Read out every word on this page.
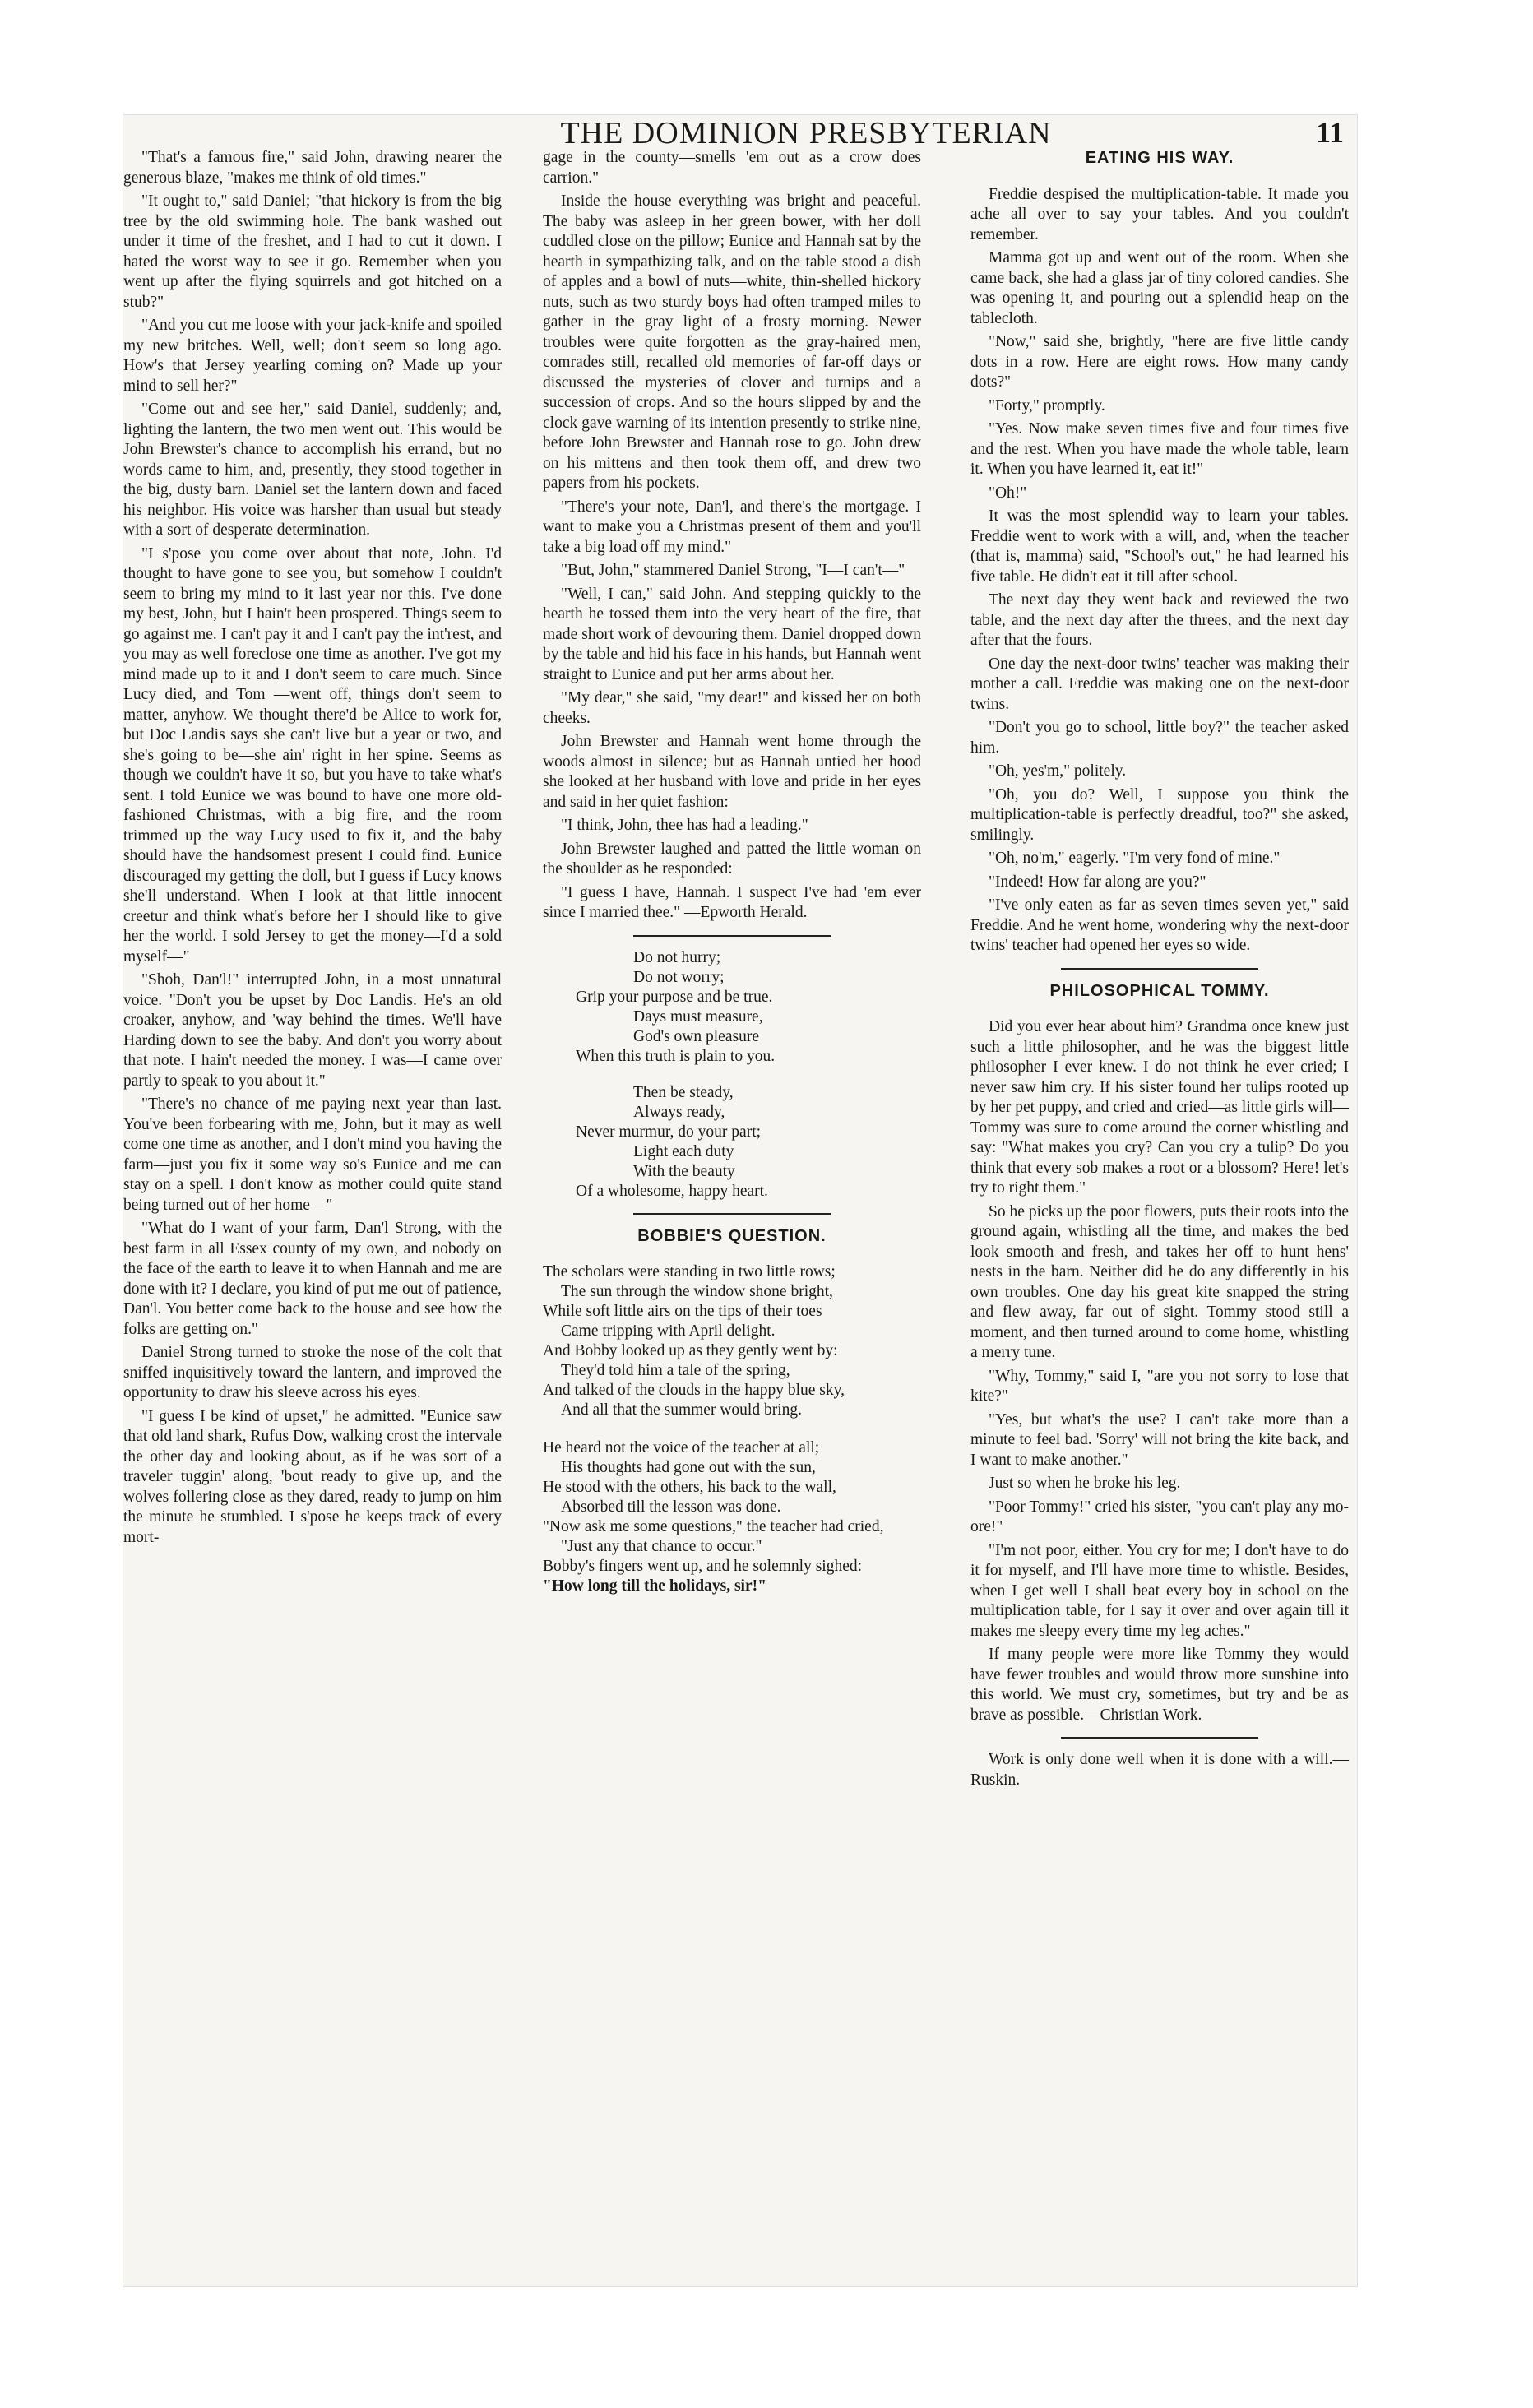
THE DOMINION PRESBYTERIAN	11

"That's a famous fire," said John, drawing nearer the generous blaze, "makes me think of old times."

"It ought to," said Daniel; "that hickory is from the big tree by the old swimming hole. The bank washed out under it time of the freshet, and I had to cut it down. I hated the worst way to see it go. Remember when you went up after the flying squirrels and got hitched on a stub?"

"And you cut me loose with your jack-knife and spoiled my new britches. Well, well; don't seem so long ago. How's that Jersey yearling coming on? Made up your mind to sell her?"

"Come out and see her," said Daniel, suddenly; and, lighting the lantern, the two men went out. This would be John Brewster's chance to accomplish his errand, but no words came to him, and, presently, they stood together in the big, dusty barn. Daniel set the lantern down and faced his neighbor. His voice was harsher than usual but steady with a sort of desperate determination.

"I s'pose you come over about that note, John. I'd thought to have gone to see you, but somehow I couldn't seem to bring my mind to it last year nor this. I've done my best, John, but I hain't been prospered. Things seem to go against me. I can't pay it and I can't pay the int'rest, and you may as well foreclose one time as another. I've got my mind made up to it and I don't seem to care much. Since Lucy died, and Tom —went off, things don't seem to matter, anyhow. We thought there'd be Alice to work for, but Doc Landis says she can't live but a year or two, and she's going to be—she ain' right in her spine. Seems as though we couldn't have it so, but you have to take what's sent. I told Eunice we was bound to have one more old-fashioned Christmas, with a big fire, and the room trimmed up the way Lucy used to fix it, and the baby should have the handsomest present I could find. Eunice discouraged my getting the doll, but I guess if Lucy knows she'll understand. When I look at that little innocent creetur and think what's before her I should like to give her the world. I sold Jersey to get the money—I'd a sold myself—"

"Shoh, Dan'l!" interrupted John, in a most unnatural voice. "Don't you be upset by Doc Landis. He's an old croaker, anyhow, and 'way behind the times. We'll have Harding down to see the baby. And don't you worry about that note. I hain't needed the money. I was—I came over partly to speak to you about it."

"There's no chance of me paying next year than last. You've been forbearing with me, John, but it may as well come one time as another, and I don't mind you having the farm—just you fix it some way so's Eunice and me can stay on a spell. I don't know as mother could quite stand being turned out of her home—"

"What do I want of your farm, Dan'l Strong, with the best farm in all Essex county of my own, and nobody on the face of the earth to leave it to when Hannah and me are done with it? I declare, you kind of put me out of patience, Dan'l. You better come back to the house and see how the folks are getting on."

Daniel Strong turned to stroke the nose of the colt that sniffed inquisitively toward the lantern, and improved the opportunity to draw his sleeve across his eyes.

"I guess I be kind of upset," he admitted. "Eunice saw that old land shark, Rufus Dow, walking crost the intervale the other day and looking about, as if he was sort of a traveler tuggin' along, 'bout ready to give up, and the wolves follering close as they dared, ready to jump on him the minute he stumbled. I s'pose he keeps track of every mort-

gage in the county—smells 'em out as a crow does carrion."

Inside the house everything was bright and peaceful. The baby was asleep in her green bower, with her doll cuddled close on the pillow; Eunice and Hannah sat by the hearth in sympathizing talk, and on the table stood a dish of apples and a bowl of nuts—white, thin-shelled hickory nuts, such as two sturdy boys had often tramped miles to gather in the gray light of a frosty morning. Newer troubles were quite forgotten as the gray-haired men, comrades still, recalled old memories of far-off days or discussed the mysteries of clover and turnips and a succession of crops. And so the hours slipped by and the clock gave warning of its intention presently to strike nine, before John Brewster and Hannah rose to go. John drew on his mittens and then took them off, and drew two papers from his pockets.

"There's your note, Dan'l, and there's the mortgage. I want to make you a Christmas present of them and you'll take a big load off my mind."

"But, John," stammered Daniel Strong, "I—I can't—"

"Well, I can," said John. And stepping quickly to the hearth he tossed them into the very heart of the fire, that made short work of devouring them. Daniel dropped down by the table and hid his face in his hands, but Hannah went straight to Eunice and put her arms about her.

"My dear," she said, "my dear!" and kissed her on both cheeks.

John Brewster and Hannah went home through the woods almost in silence; but as Hannah untied her hood she looked at her husband with love and pride in her eyes and said in her quiet fashion:

"I think, John, thee has had a leading."

John Brewster laughed and patted the little woman on the shoulder as he responded:

"I guess I have, Hannah. I suspect I've had 'em ever since I married thee." —Epworth Herald.

Do not hurry;
Do not worry;
Grip your purpose and be true.
Days must measure,
God's own pleasure
When this truth is plain to you.
Then be steady,
Always ready,
Never murmur, do your part;
Light each duty
With the beauty
Of a wholesome, happy heart.
BOBBIE'S QUESTION.
The scholars were standing in two little rows;
The sun through the window shone bright,
While soft little airs on the tips of their toes
Came tripping with April delight.
And Bobby looked up as they gently went by:
They'd told him a tale of the spring,
And talked of the clouds in the happy blue sky,
And all that the summer would bring.
He heard not the voice of the teacher at all;
His thoughts had gone out with the sun,
He stood with the others, his back to the wall,
Absorbed till the lesson was done.
"Now ask me some questions," the teacher had cried,
"Just any that chance to occur."
Bobby's fingers went up, and he solemnly sighed:
"How long till the holidays, sir!"
EATING HIS WAY.

Freddie despised the multiplication-table. It made you ache all over to say your tables. And you couldn't remember.

Mamma got up and went out of the room. When she came back, she had a glass jar of tiny colored candies. She was opening it, and pouring out a splendid heap on the tablecloth.

"Now," said she, brightly, "here are five little candy dots in a row. Here are eight rows. How many candy dots?"

"Forty," promptly.

"Yes. Now make seven times five and four times five and the rest. When you have made the whole table, learn it. When you have learned it, eat it!"

"Oh!"

It was the most splendid way to learn your tables. Freddie went to work with a will, and, when the teacher (that is, mamma) said, "School's out," he had learned his five table. He didn't eat it till after school.

The next day they went back and reviewed the two table, and the next day after the threes, and the next day after that the fours.

One day the next-door twins' teacher was making their mother a call. Freddie was making one on the next-door twins.

"Don't you go to school, little boy?" the teacher asked him.

"Oh, yes'm," politely.

"Oh, you do? Well, I suppose you think the multiplication-table is perfectly dreadful, too?" she asked, smilingly.

"Oh, no'm," eagerly. "I'm very fond of mine."

"Indeed! How far along are you?"

"I've only eaten as far as seven times seven yet," said Freddie. And he went home, wondering why the next-door twins' teacher had opened her eyes so wide.

PHILOSOPHICAL TOMMY.

Did you ever hear about him? Grandma once knew just such a little philosopher, and he was the biggest little philosopher I ever knew. I do not think he ever cried; I never saw him cry. If his sister found her tulips rooted up by her pet puppy, and cried and cried—as little girls will—Tommy was sure to come around the corner whistling and say: "What makes you cry? Can you cry a tulip? Do you think that every sob makes a root or a blossom? Here! let's try to right them."

So he picks up the poor flowers, puts their roots into the ground again, whistling all the time, and makes the bed look smooth and fresh, and takes her off to hunt hens' nests in the barn. Neither did he do any differently in his own troubles. One day his great kite snapped the string and flew away, far out of sight. Tommy stood still a moment, and then turned around to come home, whistling a merry tune.

"Why, Tommy," said I, "are you not sorry to lose that kite?"

"Yes, but what's the use? I can't take more than a minute to feel bad. 'Sorry' will not bring the kite back, and I want to make another."

Just so when he broke his leg.

"Poor Tommy!" cried his sister, "you can't play any mo-ore!"

"I'm not poor, either. You cry for me; I don't have to do it for myself, and I'll have more time to whistle. Besides, when I get well I shall beat every boy in school on the multiplication table, for I say it over and over again till it makes me sleepy every time my leg aches."

If many people were more like Tommy they would have fewer troubles and would throw more sunshine into this world. We must cry, sometimes, but try and be as brave as possible.—Christian Work.

Work is only done well when it is done with a will.—Ruskin.
